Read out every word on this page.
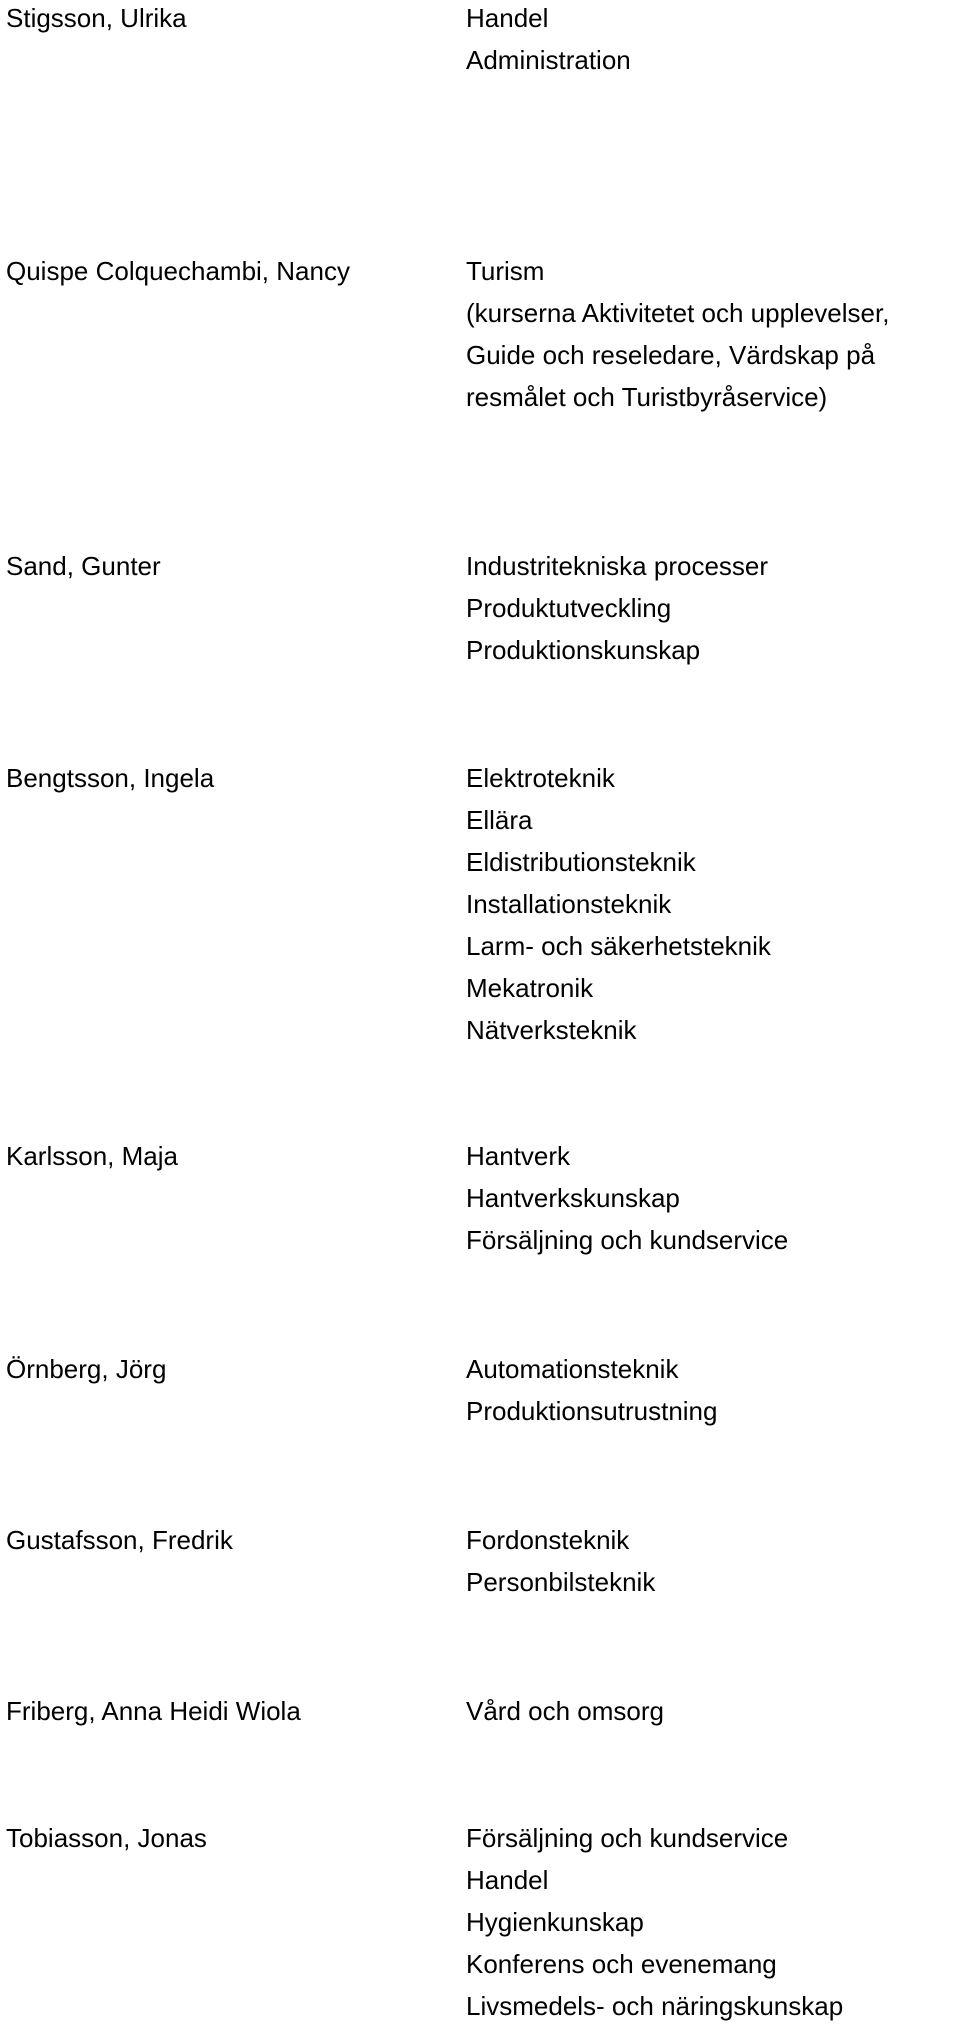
Stigsson, Ulrika	Handel
Administration
Quispe Colquechambi, Nancy	Turism
(kurserna Aktivitetet och upplevelser,
Guide och reseledare, Värdskap på
resmålet och Turistbyråservice)
Sand, Gunter	Industritekniska processer
Produktutveckling
Produktionskunskap
Bengtsson, Ingela	Elektroteknik
Ellära
Eldistributionsteknik
Installationsteknik
Larm- och säkerhetsteknik
Mekatronik
Nätverksteknik
Karlsson, Maja	Hantverk
Hantverkskunskap
Försäljning och kundservice
Örnberg, Jörg	Automationsteknik
Produktionsutrustning
Gustafsson, Fredrik	Fordonsteknik
Personbilsteknik
Friberg, Anna Heidi Wiola	Vård och omsorg
Tobiasson, Jonas	Försäljning och kundservice
Handel
Hygienkunskap
Konferens och evenemang
Livsmedels- och näringskunskap
